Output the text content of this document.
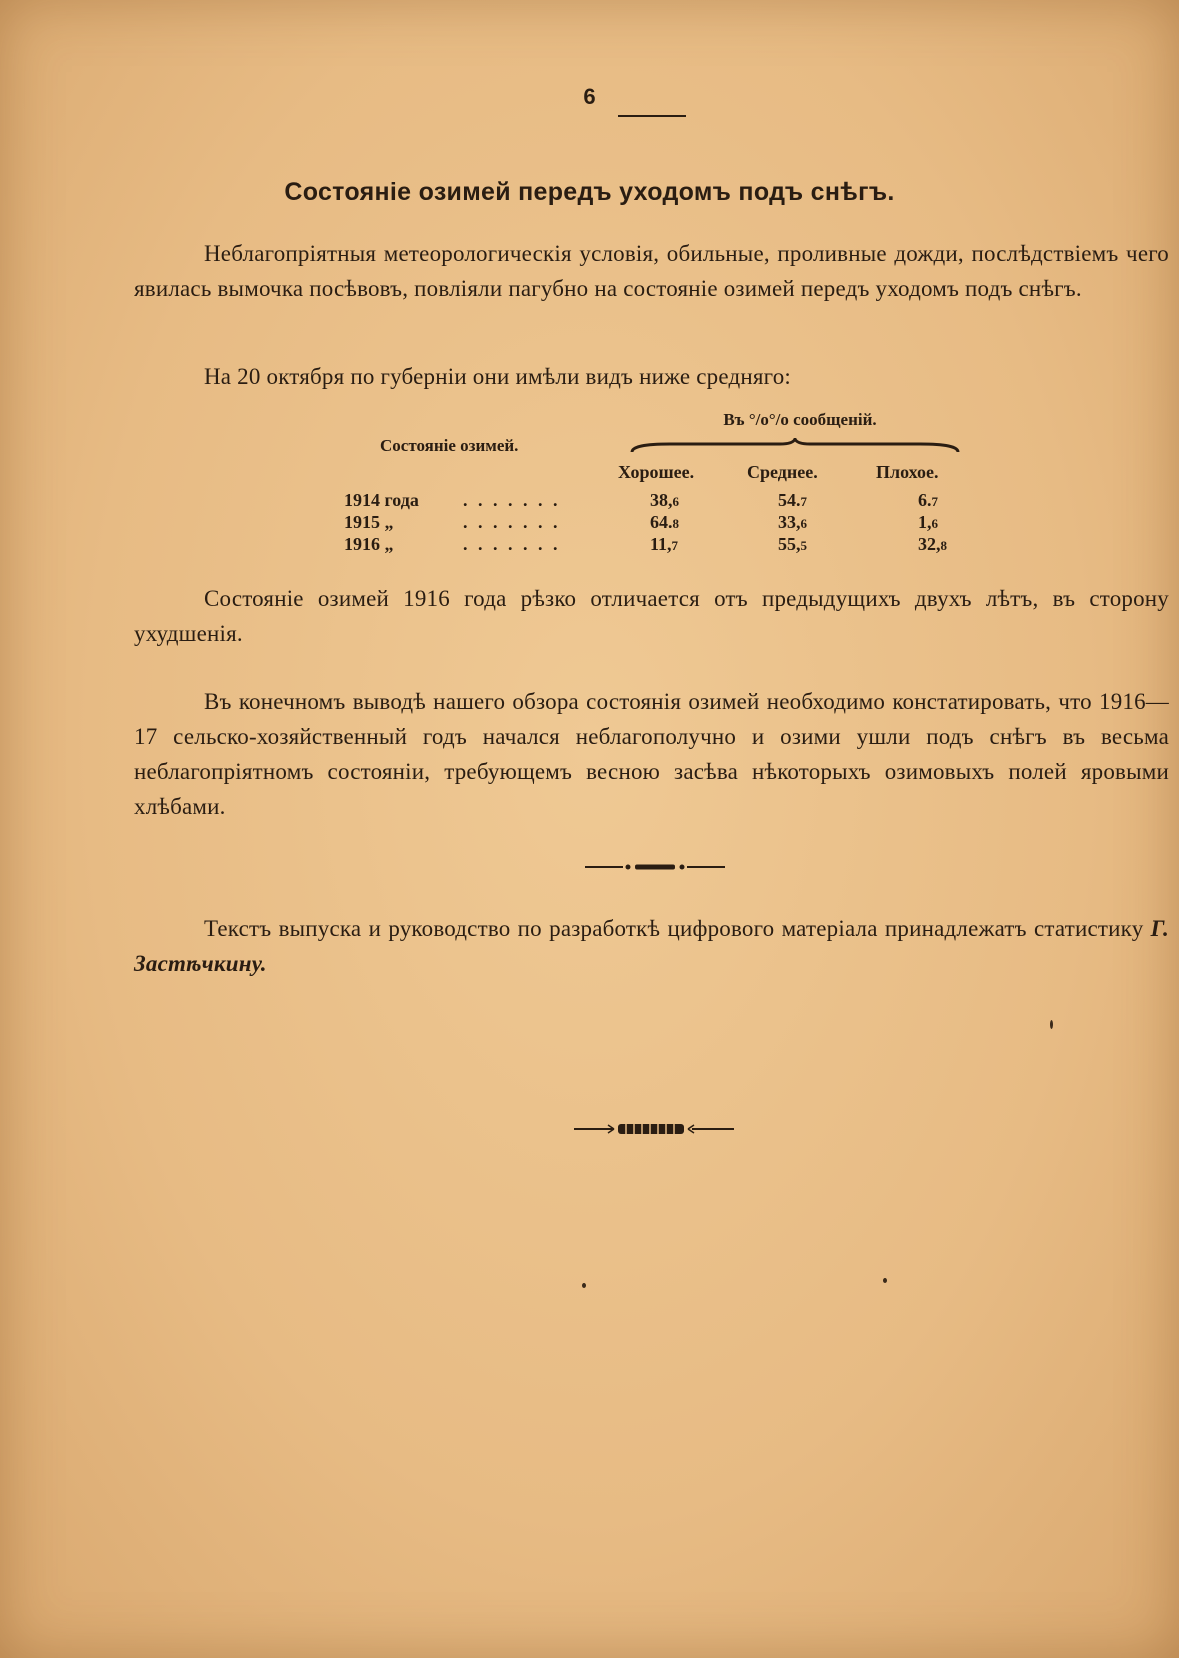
6
Состоянiе озимей передъ уходомъ подъ снѣгъ.
Неблагопрiятныя метеорологическiя условiя, обильные, проливные дожди, послѣдствiемъ чего явилась вымочка посѣвовъ, повлiяли пагубно на состоянiе озимей передъ уходомъ подъ снѣгъ.
На 20 октября по губернiи они имѣли видъ ниже средняго:
Въ °/о°/о сообщенiй.
Состоянiе озимей.
Хорошее.	Среднее.	Плохое.
1914 года . . . . . . .	38,6	54.7	6.7
1915 „	. . . . . . .	64.8	33,6	1,6
1916 „	. . . . . . .	11,7	55,5	32,8
Состоянiе озимей 1916 года рѣзко отличается отъ предыдущихъ двухъ лѣтъ, въ сторону ухудшенiя.
Въ конечномъ выводѣ нашего обзора состоянiя озимей необходимо констатировать, что 1916—17 сельско-хозяйственный годъ начался неблагополучно и озими ушли подъ снѣгъ въ весьма неблагопрiятномъ состоянiи, требующемъ весною засѣва нѣкоторыхъ озимовыхъ полей яровыми хлѣбами.
Текстъ выпуска и руководство по разработкѣ цифрового матерiала принадлежатъ статистику Г. Застѣчкину.
